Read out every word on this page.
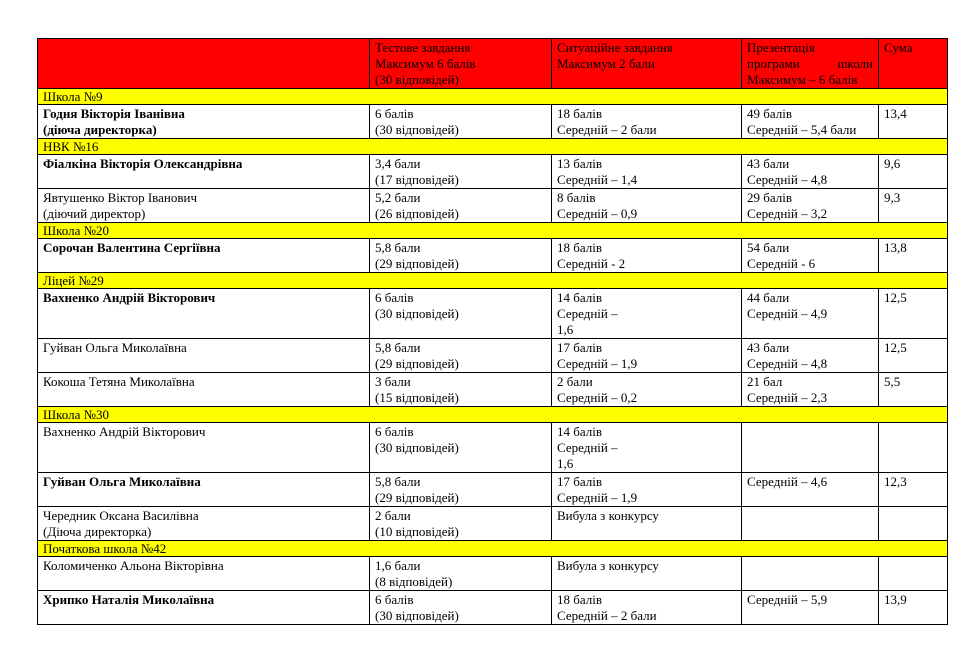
	Тестове завдання
Максимум 6 балів
(30 відповідей)	Ситуаційне завдання
Максимум 2 бали	Презентація
програми школи
Максимум – 6 балів	Сума
Школа №9				

Годня Вікторія Іванівна
(діюча директорка)	6 балів
(30 відповідей)	18 балів
Середній – 2 бали	49 балів
Середній – 5,4 бали	13,4
НВК №16				

Фіалкіна Вікторія Олександрівна	3,4 бали
(17 відповідей)	13 балів
Середній – 1,4	43 бали
Середній – 4,8	9,6

Явтушенко Віктор Іванович
(діючий директор)	5,2 бали
(26 відповідей)	8 балів
Середній – 0,9	29 балів
Середній – 3,2	9,3
Школа №20				

Сорочан Валентина Сергіївна	5,8 бали
(29 відповідей)	18 балів
Середній - 2	54 бали
Середній - 6	13,8
Ліцей №29				

Вахненко Андрій Вікторович	6 балів
(30 відповідей)	14 балів
Середній –
1,6	44 бали
Середній – 4,9	12,5

Гуйван Ольга Миколаївна	5,8 бали
(29 відповідей)	17 балів
Середній – 1,9	43 бали
Середній – 4,8	12,5

Кокоша Тетяна Миколаївна	3 бали
(15 відповідей)	2 бали
Середній – 0,2	21 бал
Середній – 2,3	5,5
Школа №30				

Вахненко Андрій Вікторович	6 балів
(30 відповідей)	14 балів
Середній –
1,6		

Гуйван Ольга Миколаївна	5,8 бали
(29 відповідей)	17 балів
Середній – 1,9	Середній – 4,6	12,3

Чередник Оксана Василівна
(Діюча директорка)	2 бали
(10 відповідей)	Вибула з конкурсу		

Початкова школа №42				

Коломиченко Альона Вікторівна	1,6 бали
(8 відповідей)	Вибула з конкурсу		

Хрипко Наталія Миколаївна	6 балів
(30 відповідей)	18 балів
Середній – 2 бали	Середній – 5,9	13,9
